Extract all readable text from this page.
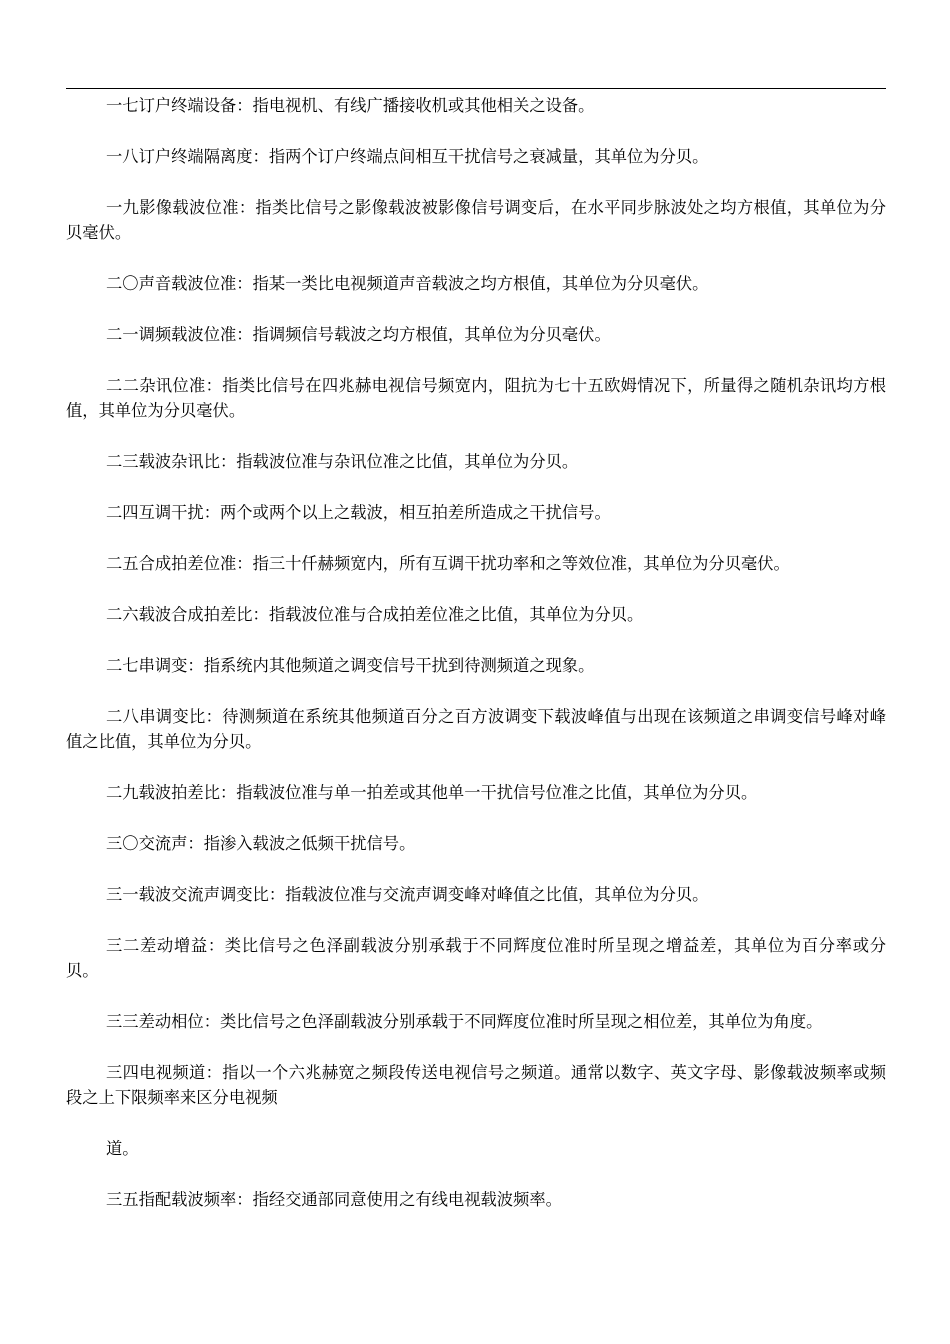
一七订户终端设备：指电视机、有线广播接收机或其他相关之设备。

一八订户终端隔离度：指两个订户终端点间相互干扰信号之衰减量，其单位为分贝。

一九影像载波位准：指类比信号之影像载波被影像信号调变后，在水平同步脉波处之均方根值，其单位为分贝毫伏。

二〇声音载波位准：指某一类比电视频道声音载波之均方根值，其单位为分贝毫伏。

二一调频载波位准：指调频信号载波之均方根值，其单位为分贝毫伏。

二二杂讯位准：指类比信号在四兆赫电视信号频宽内，阻抗为七十五欧姆情况下，所量得之随机杂讯均方根值，其单位为分贝毫伏。

二三载波杂讯比：指载波位准与杂讯位准之比值，其单位为分贝。

二四互调干扰：两个或两个以上之载波，相互拍差所造成之干扰信号。

二五合成拍差位准：指三十仟赫频宽内，所有互调干扰功率和之等效位准，其单位为分贝毫伏。

二六载波合成拍差比：指载波位准与合成拍差位准之比值，其单位为分贝。

二七串调变：指系统内其他频道之调变信号干扰到待测频道之现象。

二八串调变比：待测频道在系统其他频道百分之百方波调变下载波峰值与出现在该频道之串调变信号峰对峰值之比值，其单位为分贝。

二九载波拍差比：指载波位准与单一拍差或其他单一干扰信号位准之比值，其单位为分贝。

三〇交流声：指渗入载波之低频干扰信号。

三一载波交流声调变比：指载波位准与交流声调变峰对峰值之比值，其单位为分贝。

三二差动增益：类比信号之色泽副载波分别承载于不同辉度位准时所呈现之增益差，其单位为百分率或分贝。

三三差动相位：类比信号之色泽副载波分别承载于不同辉度位准时所呈现之相位差，其单位为角度。

三四电视频道：指以一个六兆赫宽之频段传送电视信号之频道。通常以数字、英文字母、影像载波频率或频段之上下限频率来区分电视频

道。

三五指配载波频率：指经交通部同意使用之有线电视载波频率。
